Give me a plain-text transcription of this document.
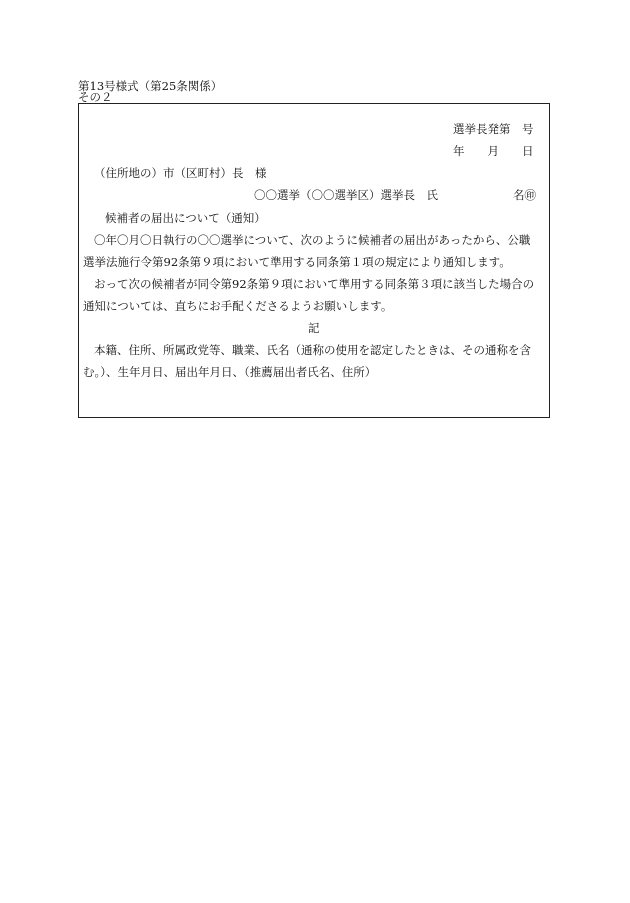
第13号様式（第25条関係）
その２
選挙長発第　号
年　　月　　日
（住所地の）市（区町村）長　様
〇〇選挙（〇〇選挙区）選挙長　氏	名㊞
候補者の届出について（通知）
〇年〇月〇日執行の〇〇選挙について、次のように候補者の届出があったから、公職
選挙法施行令第92条第９項において準用する同条第１項の規定により通知します。
おって次の候補者が同令第92条第９項において準用する同条第３項に該当した場合の
通知については、直ちにお手配くださるようお願いします。
記
本籍、住所、所属政党等、職業、氏名（通称の使用を認定したときは、その通称を含
む。）、生年月日、届出年月日、（推薦届出者氏名、住所）
